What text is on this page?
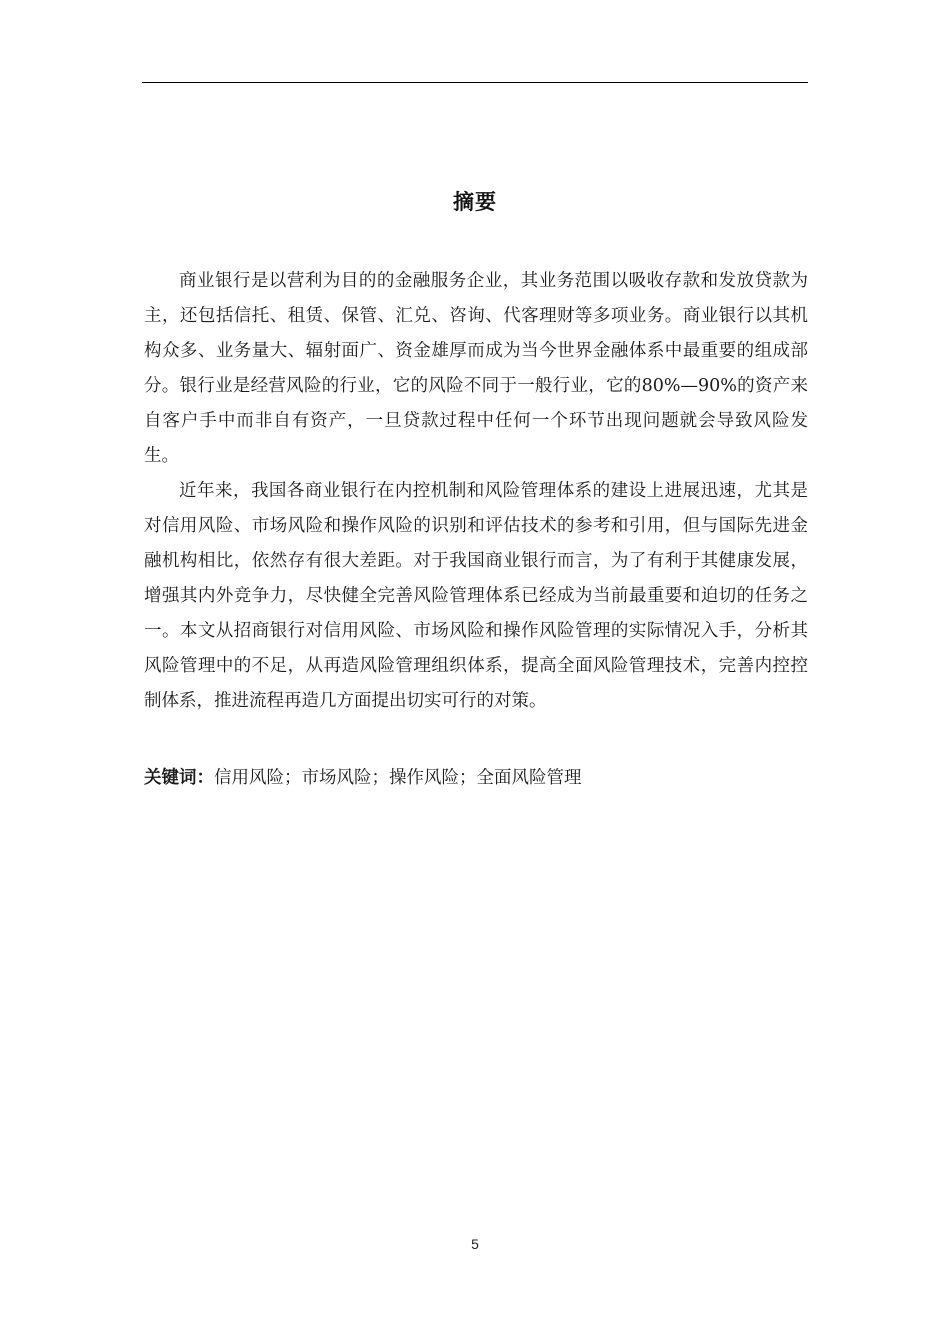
摘要

商业银行是以营利为目的的金融服务企业，其业务范围以吸收存款和发放贷款为主，还包括信托、租赁、保管、汇兑、咨询、代客理财等多项业务。商业银行以其机构众多、业务量大、辐射面广、资金雄厚而成为当今世界金融体系中最重要的组成部分。银行业是经营风险的行业，它的风险不同于一般行业，它的80%—90%的资产来自客户手中而非自有资产，一旦贷款过程中任何一个环节出现问题就会导致风险发生。

近年来，我国各商业银行在内控机制和风险管理体系的建设上进展迅速，尤其是对信用风险、市场风险和操作风险的识别和评估技术的参考和引用，但与国际先进金融机构相比，依然存有很大差距。对于我国商业银行而言，为了有利于其健康发展，增强其内外竞争力，尽快健全完善风险管理体系已经成为当前最重要和迫切的任务之一。本文从招商银行对信用风险、市场风险和操作风险管理的实际情况入手，分析其风险管理中的不足，从再造风险管理组织体系，提高全面风险管理技术，完善内控控制体系，推进流程再造几方面提出切实可行的对策。

关键词：信用风险；市场风险；操作风险；全面风险管理
5
